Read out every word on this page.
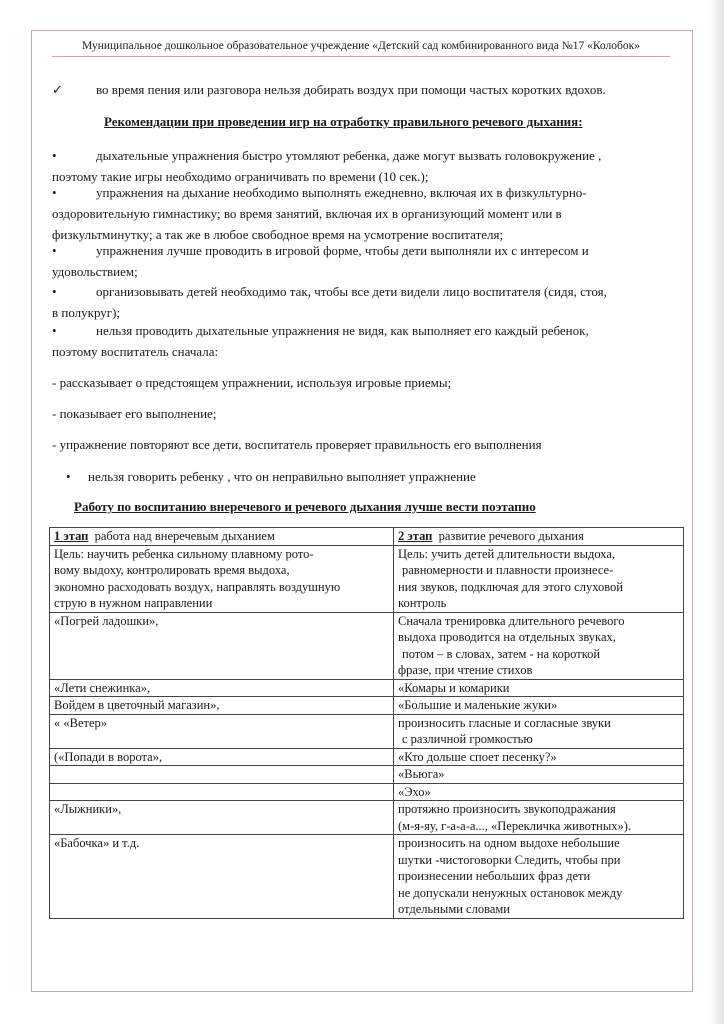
Муниципальное дошкольное образовательное учреждение «Детский сад комбинированного вида №17 «Колобок»
✓	во время пения или разговора нельзя добирать воздух при помощи частых коротких вдохов.
Рекомендации при проведении игр на отработку правильного речевого дыхания:
•	дыхательные упражнения быстро утомляют ребенка, даже могут вызвать головокружение ,
поэтому такие игры необходимо ограничивать по времени (10 сек.);
•	упражнения на дыхание необходимо выполнять ежедневно, включая их в физкультурно-
оздоровительную гимнастику; во время занятий, включая их в организующий момент или в
физкультминутку; а так же в любое свободное время на усмотрение воспитателя;
•	упражнения лучше проводить в игровой форме, чтобы дети выполняли их с интересом и
удовольствием;
•	организовывать детей необходимо так, чтобы все дети видели лицо воспитателя (сидя, стоя,
в полукруг);
•	нельзя проводить дыхательные упражнения не видя, как выполняет его каждый ребенок,
поэтому воспитатель сначала:
- рассказывает о предстоящем упражнении, используя игровые приемы;
- показывает его выполнение;
- упражнение повторяют все дети, воспитатель проверяет правильность его выполнения
• нельзя говорить ребенку , что он неправильно выполняет упражнение
Работу по воспитанию внеречевого и речевого дыхания лучше вести поэтапно
1 этап работа над внеречевым дыханием	2 этап развитие речевого дыхания

Цель: научить ребенка сильному плавному рото-
вому выдоху, контролировать время выдоха,
экономно расходовать воздух, направлять воздушную
струю в нужном направлении	Цель: учить детей длительности выдоха,
равномерности и плавности произнесе-
ния звуков, подключая для этого слуховой
контроль

«Погрей ладошки»,	Сначала тренировка длительного речевого
выдоха проводится на отдельных звуках,
потом – в словах, затем - на короткой
фразе, при чтение стихов

«Лети снежинка»,	«Комары и комарики

Войдем в цветочный магазин»,	«Большие и маленькие жуки»

« «Ветер»	произносить гласные и согласные звуки
с различной громкостью

(«Попади в ворота»,	«Кто дольше споет песенку?»

	«Вьюга»

	«Эхо»

«Лыжники»,	протяжно произносить звукоподражания
(м-я-яу, г-а-а-а..., «Перекличка животных»).

«Бабочка» и т.д.	произносить на одном выдохе небольшие
шутки -чистоговорки Следить, чтобы при
произнесении небольших фраз дети
не допускали ненужных остановок между
отдельными словами
